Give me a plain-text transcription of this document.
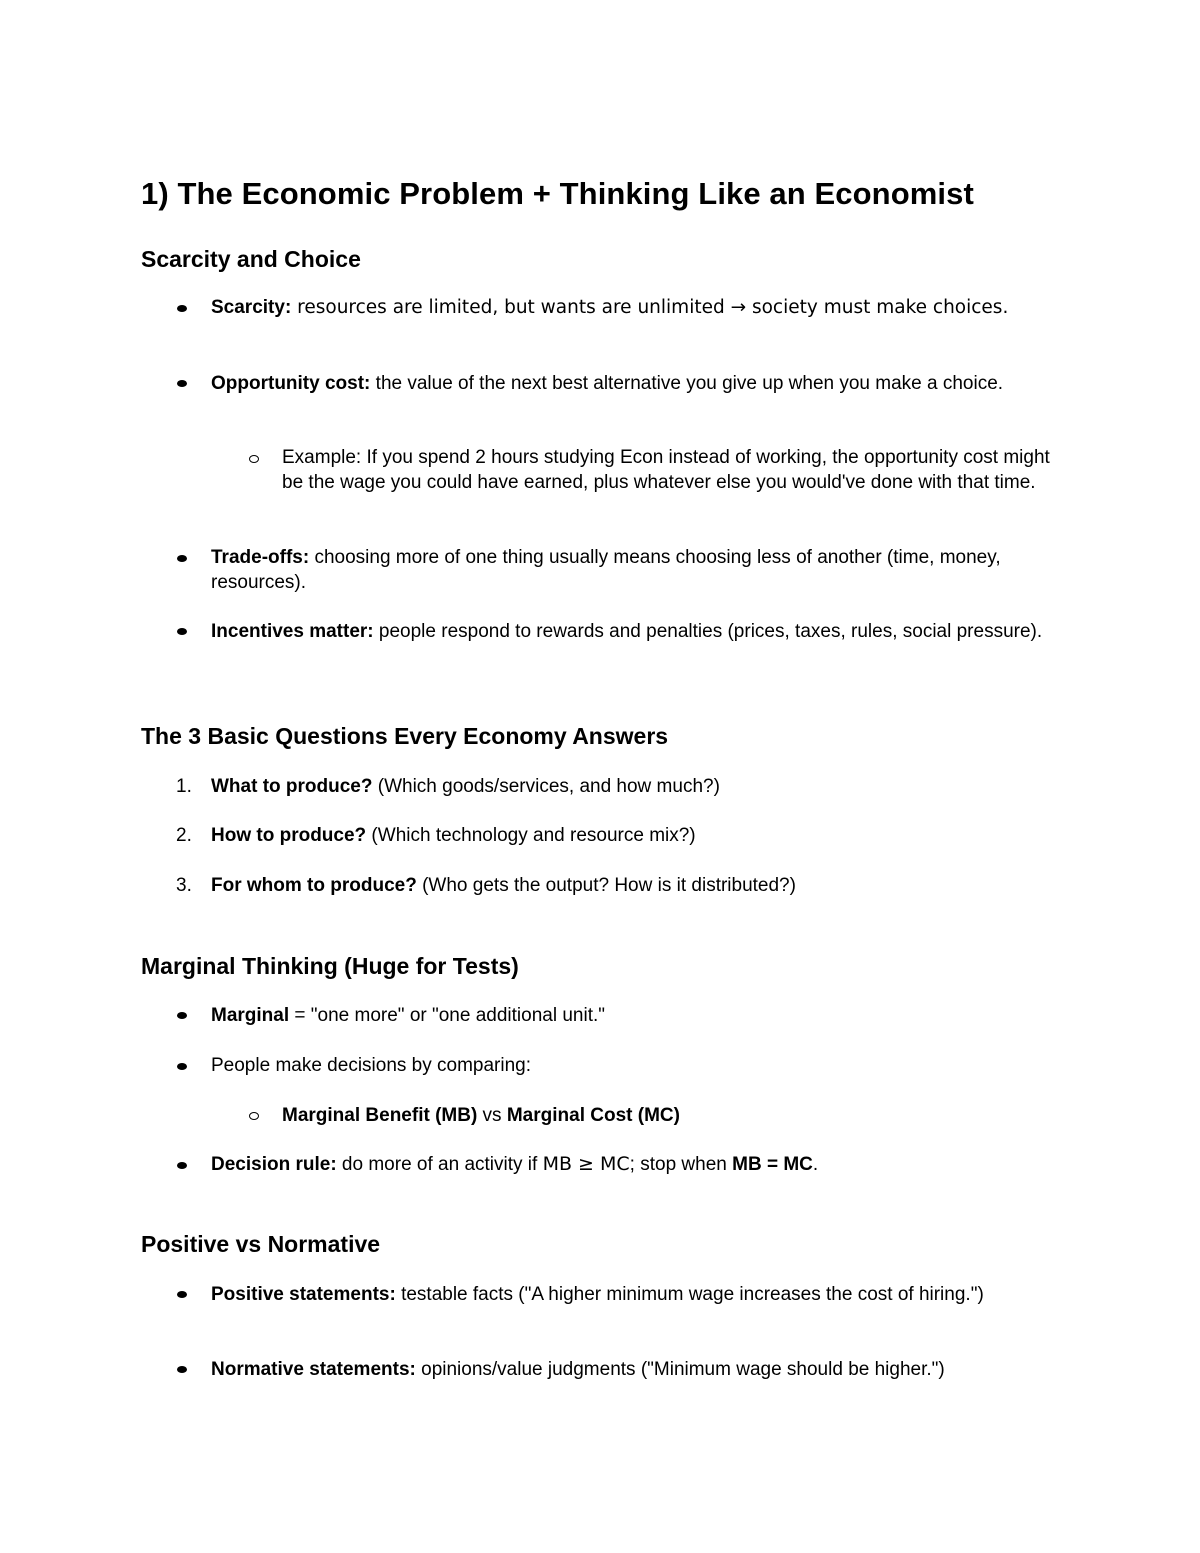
1) The Economic Problem + Thinking Like an Economist
Scarcity and Choice
Scarcity: resources are limited, but wants are unlimited → society must make choices.
Opportunity cost: the value of the next best alternative you give up when you make a choice.
Example: If you spend 2 hours studying Econ instead of working, the opportunity cost might be the wage you could have earned, plus whatever else you would've done with that time.
Trade-offs: choosing more of one thing usually means choosing less of another (time, money, resources).
Incentives matter: people respond to rewards and penalties (prices, taxes, rules, social pressure).
The 3 Basic Questions Every Economy Answers
1. What to produce? (Which goods/services, and how much?)
2. How to produce? (Which technology and resource mix?)
3. For whom to produce? (Who gets the output? How is it distributed?)
Marginal Thinking (Huge for Tests)
Marginal = "one more" or "one additional unit."
People make decisions by comparing:
Marginal Benefit (MB) vs Marginal Cost (MC)
Decision rule: do more of an activity if MB ≥ MC; stop when MB = MC.
Positive vs Normative
Positive statements: testable facts ("A higher minimum wage increases the cost of hiring.")
Normative statements: opinions/value judgments ("Minimum wage should be higher.")
